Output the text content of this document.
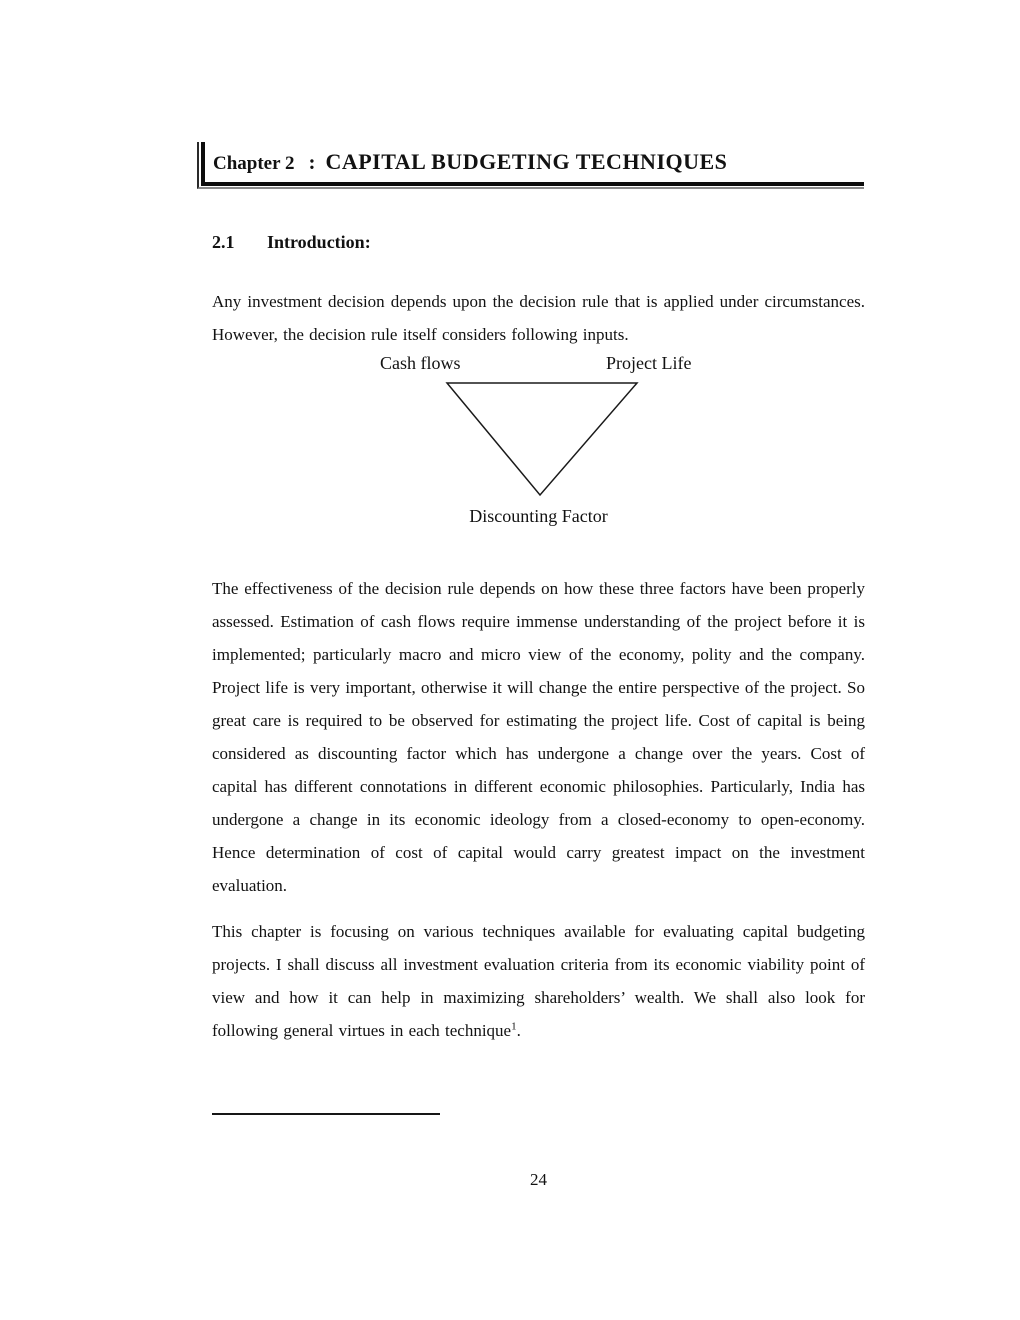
Chapter 2 : CAPITAL BUDGETING TECHNIQUES
2.1 Introduction:

Any investment decision depends upon the decision rule that is applied under circumstances. However, the decision rule itself considers following inputs.

Cash flows	Project Life
Discounting Factor

The effectiveness of the decision rule depends on how these three factors have been properly assessed. Estimation of cash flows require immense understanding of the project before it is implemented; particularly macro and micro view of the economy, polity and the company. Project life is very important, otherwise it will change the entire perspective of the project. So great care is required to be observed for estimating the project life. Cost of capital is being considered as discounting factor which has undergone a change over the years. Cost of capital has different connotations in different economic philosophies. Particularly, India has undergone a change in its economic ideology from a closed-economy to open-economy. Hence determination of cost of capital would carry greatest impact on the investment evaluation.

This chapter is focusing on various techniques available for evaluating capital budgeting projects. I shall discuss all investment evaluation criteria from its economic viability point of view and how it can help in maximizing shareholders’ wealth. We shall also look for following general virtues in each technique$^1$.

24
